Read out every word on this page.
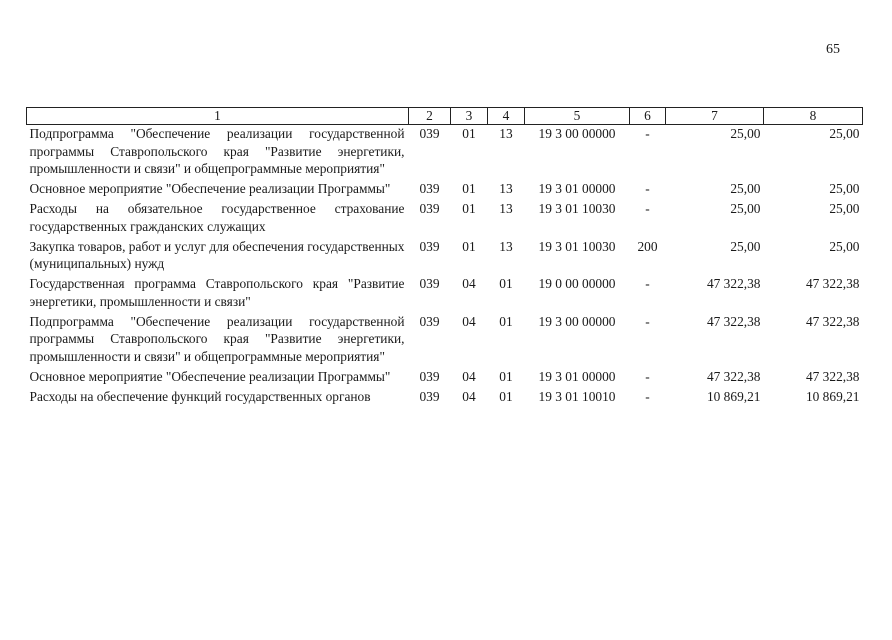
65
1	2	3	4	5	6	7	8
Подпрограмма "Обеспечение реализации государственной программы Ставропольского края "Развитие энергетики, промышленности и связи" и общепрограммные мероприятия"	039	01	13	19 3 00 00000	-	25,00	25,00
Основное мероприятие "Обеспечение реализации Программы"	039	01	13	19 3 01 00000	-	25,00	25,00
Расходы на обязательное государственное страхование государственных гражданских служащих	039	01	13	19 3 01 10030	-	25,00	25,00
Закупка товаров, работ и услуг для обеспечения государственных (муниципальных) нужд	039	01	13	19 3 01 10030	200	25,00	25,00
Государственная программа Ставропольского края "Развитие энергетики, промышленности и связи"	039	04	01	19 0 00 00000	-	47 322,38	47 322,38
Подпрограмма "Обеспечение реализации государственной программы Ставропольского края "Развитие энергетики, промышленности и связи" и общепрограммные мероприятия"	039	04	01	19 3 00 00000	-	47 322,38	47 322,38
Основное мероприятие "Обеспечение реализации Программы"	039	04	01	19 3 01 00000	-	47 322,38	47 322,38
Расходы на обеспечение функций государственных органов	039	04	01	19 3 01 10010	-	10 869,21	10 869,21
